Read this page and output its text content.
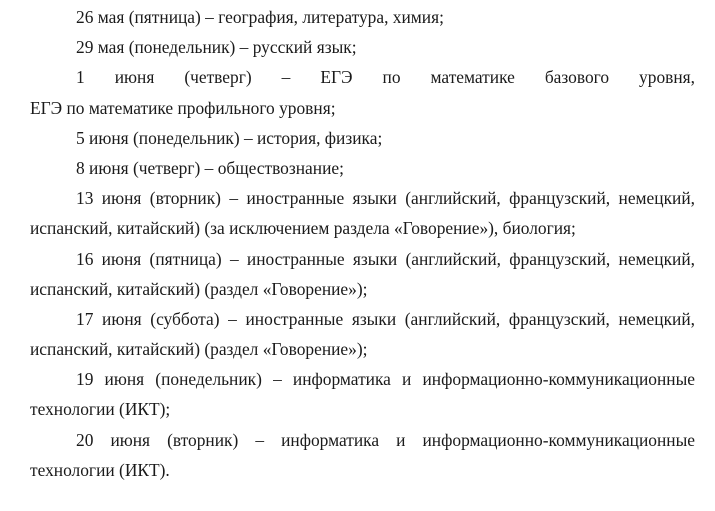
26 мая (пятница) – география, литература, химия;
29 мая (понедельник) – русский язык;
1 июня (четверг) – ЕГЭ по математике базового уровня,
ЕГЭ по математике профильного уровня;
5 июня (понедельник) – история, физика;
8 июня (четверг) – обществознание;
13 июня (вторник) – иностранные языки (английский, французский, немецкий,
испанский, китайский) (за исключением раздела «Говорение»), биология;
16 июня (пятница) – иностранные языки (английский, французский, немецкий,
испанский, китайский) (раздел «Говорение»);
17 июня (суббота) – иностранные языки (английский, французский, немецкий,
испанский, китайский) (раздел «Говорение»);
19 июня (понедельник) – информатика и информационно-коммуникационные
технологии (ИКТ);
20 июня (вторник) – информатика и информационно-коммуникационные
технологии (ИКТ).
